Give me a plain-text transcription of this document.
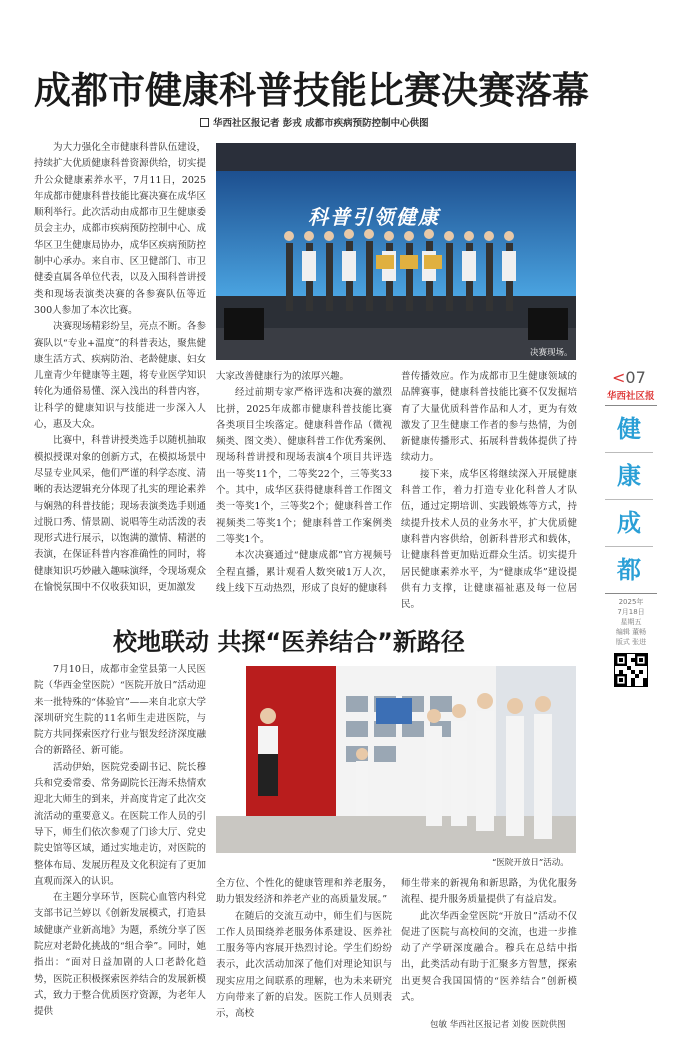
成都市健康科普技能比赛决赛落幕
华西社区报记者 彭戎 成都市疾病预防控制中心供图

为大力强化全市健康科普队伍建设，持续扩大优质健康科普资源供给，切实提升公众健康素养水平，7月11日，2025年成都市健康科普技能比赛决赛在成华区顺利举行。此次活动由成都市卫生健康委员会主办，成都市疾病预防控制中心、成华区卫生健康局协办，成华区疾病预防控制中心承办。来自市、区卫健部门、市卫健委直属各单位代表，以及入围科普讲授类和现场表演类决赛的各参赛队伍等近300人参加了本次比赛。

决赛现场精彩纷呈，亮点不断。各参赛队以“专业+温度”的科普表达，聚焦健康生活方式、疾病防治、老龄健康、妇女儿童青少年健康等主题，将专业医学知识转化为通俗易懂、深入浅出的科普内容，让科学的健康知识与技能进一步深入人心，惠及大众。

比赛中，科普讲授类选手以随机抽取模拟授课对象的创新方式，在模拟场景中尽显专业风采，他们严谨的科学态度、清晰的表达逻辑充分体现了扎实的理论素养与娴熟的科普技能；现场表演类选手则通过脱口秀、情景剧、说唱等生动活泼的表现形式进行展示，以饱满的激情、精湛的表演，在保证科普内容准确性的同时，将健康知识巧妙融入趣味演绎，令现场观众在愉悦氛围中不仅收获知识，更加激发

科普引领健康
决赛现场。

大家改善健康行为的浓厚兴趣。

经过前期专家严格评选和决赛的激烈比拼，2025年成都市健康科普技能比赛各类项目尘埃落定。健康科普作品（微视频类、图文类）、健康科普工作优秀案例、现场科普讲授和现场表演4个项目共评选出一等奖11个，二等奖22个，三等奖33个。其中，成华区获得健康科普工作图文类一等奖1个，三等奖2个；健康科普工作视频类二等奖1个；健康科普工作案例类二等奖1个。

本次决赛通过“健康成都”官方视频号全程直播，累计观看人数突破1万人次，线上线下互动热烈，形成了良好的健康科

普传播效应。作为成都市卫生健康领域的品牌赛事，健康科普技能比赛不仅发掘培育了大量优质科普作品和人才，更为有效激发了卫生健康工作者的参与热情，为创新健康传播形式、拓展科普载体提供了持续动力。

接下来，成华区将继续深入开展健康科普工作，着力打造专业化科普人才队伍，通过定期培训、实践锻炼等方式，持续提升技术人员的业务水平，扩大优质健康科普内容供给，创新科普形式和载体，让健康科普更加贴近群众生活。切实提升居民健康素养水平，为“健康成华”建设提供有力支撑，让健康福祉惠及每一位居民。

<07
华西社区报
健
康
成
都
2025年
7月18日
星期五
编辑 董畅
版式 张进
校地联动 共探“医养结合”新路径

7月10日，成都市金堂县第一人民医院（华西金堂医院）“医院开放日”活动迎来一批特殊的“体验官”——来自北京大学深圳研究生院的11名师生走进医院，与院方共同探索医疗行业与银发经济深度融合的新路径、新可能。

活动伊始，医院党委副书记、院长穆兵和党委常委、常务副院长汪海禾热情欢迎北大师生的到来，并高度肯定了此次交流活动的重要意义。在医院工作人员的引导下，师生们依次参观了门诊大厅、党史院史馆等区域，通过实地走访，对医院的整体布局、发展历程及文化积淀有了更加直观而深入的认识。

在主题分享环节，医院心血管内科党支部书记兰婷以《创新发展模式，打造县域健康产业新高地》为题，系统分享了医院应对老龄化挑战的“组合拳”。同时，她指出：“面对日益加剧的人口老龄化趋势，医院正积极探索医养结合的发展新模式，致力于整合优质医疗资源，为老年人提供

“医院开放日”活动。

全方位、个性化的健康管理和养老服务，助力银发经济和养老产业的高质量发展。”

在随后的交流互动中，师生们与医院工作人员围绕养老服务体系建设、医养社工服务等内容展开热烈讨论。学生们纷纷表示，此次活动加深了他们对理论知识与现实应用之间联系的理解，也为未来研究方向带来了新的启发。医院工作人员则表示，高校

师生带来的新视角和新思路，为优化服务流程、提升服务质量提供了有益启发。

此次华西金堂医院“开放日”活动不仅促进了医院与高校间的交流，也进一步推动了产学研深度融合。穆兵在总结中指出，此类活动有助于汇聚多方智慧，探索出更契合我国国情的“医养结合”创新模式。

包敏 华西社区报记者 刘俊 医院供图
